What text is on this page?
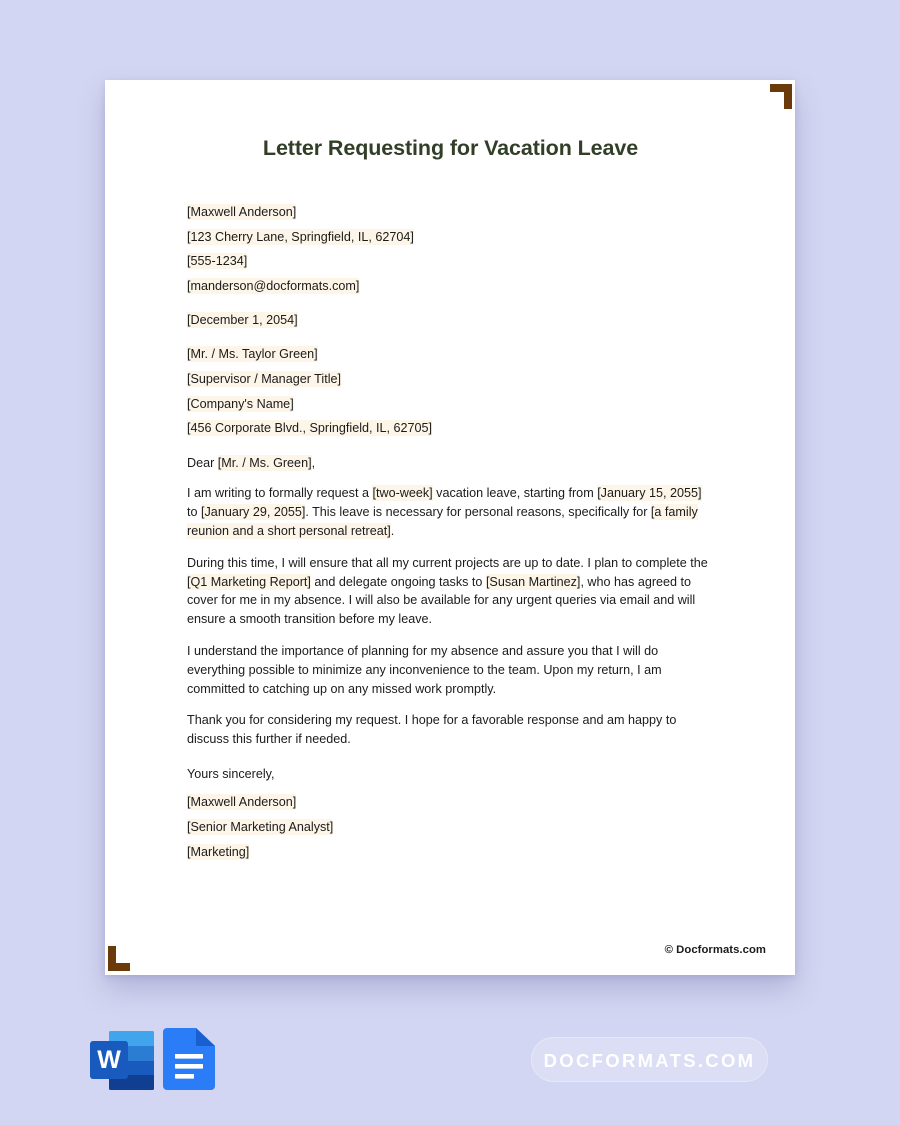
Letter Requesting for Vacation Leave

[Maxwell Anderson]

[123 Cherry Lane, Springfield, IL, 62704]

[555-1234]

[manderson@docformats.com]

[December 1, 2054]

[Mr. / Ms. Taylor Green]

[Supervisor / Manager Title]

[Company's Name]

[456 Corporate Blvd., Springfield, IL, 62705]

Dear [Mr. / Ms. Green],

I am writing to formally request a [two-week] vacation leave, starting from [January 15, 2055] to [January 29, 2055]. This leave is necessary for personal reasons, specifically for [a family reunion and a short personal retreat].

During this time, I will ensure that all my current projects are up to date. I plan to complete the [Q1 Marketing Report] and delegate ongoing tasks to [Susan Martinez], who has agreed to cover for me in my absence. I will also be available for any urgent queries via email and will ensure a smooth transition before my leave.

I understand the importance of planning for my absence and assure you that I will do everything possible to minimize any inconvenience to the team. Upon my return, I am committed to catching up on any missed work promptly.

Thank you for considering my request. I hope for a favorable response and am happy to discuss this further if needed.

Yours sincerely,

[Maxwell Anderson]

[Senior Marketing Analyst]

[Marketing]

© Docformats.com
W	DOCFORMATS.COM
